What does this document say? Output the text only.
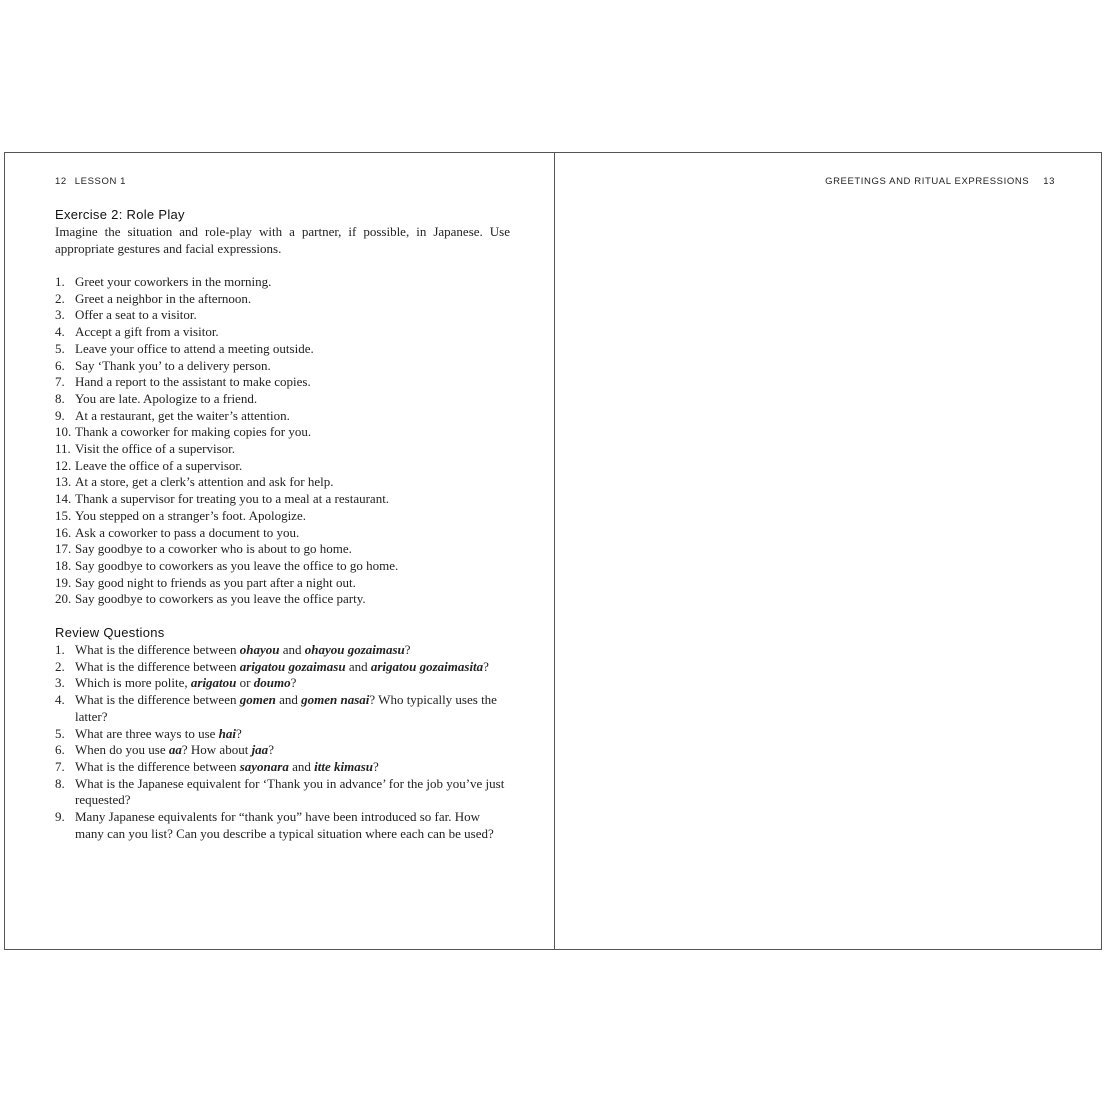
12 LESSON 1
Exercise 2: Role Play

Imagine the situation and role-play with a partner, if possible, in Japanese. Use appropriate gestures and facial expressions.

1. Greet your coworkers in the morning.
2. Greet a neighbor in the afternoon.
3. Offer a seat to a visitor.
4. Accept a gift from a visitor.
5. Leave your office to attend a meeting outside.
6. Say ‘Thank you’ to a delivery person.
7. Hand a report to the assistant to make copies.
8. You are late. Apologize to a friend.
9. At a restaurant, get the waiter’s attention.
10. Thank a coworker for making copies for you.
11. Visit the office of a supervisor.
12. Leave the office of a supervisor.
13. At a store, get a clerk’s attention and ask for help.
14. Thank a supervisor for treating you to a meal at a restaurant.
15. You stepped on a stranger’s foot. Apologize.
16. Ask a coworker to pass a document to you.
17. Say goodbye to a coworker who is about to go home.
18. Say goodbye to coworkers as you leave the office to go home.
19. Say good night to friends as you part after a night out.
20. Say goodbye to coworkers as you leave the office party.
Review Questions
1. What is the difference between ohayou and ohayou gozaimasu?
2. What is the difference between arigatou gozaimasu and arigatou gozaimasita?
3. Which is more polite, arigatou or doumo?
4. What is the difference between gomen and gomen nasai? Who typically uses the latter?
5. What are three ways to use hai?
6. When do you use aa? How about jaa?
7. What is the difference between sayonara and itte kimasu?
8. What is the Japanese equivalent for ‘Thank you in advance’ for the job you’ve just requested?
9. Many Japanese equivalents for “thank you” have been introduced so far. How many can you list? Can you describe a typical situation where each can be used?
GREETINGS AND RITUAL EXPRESSIONS 13
